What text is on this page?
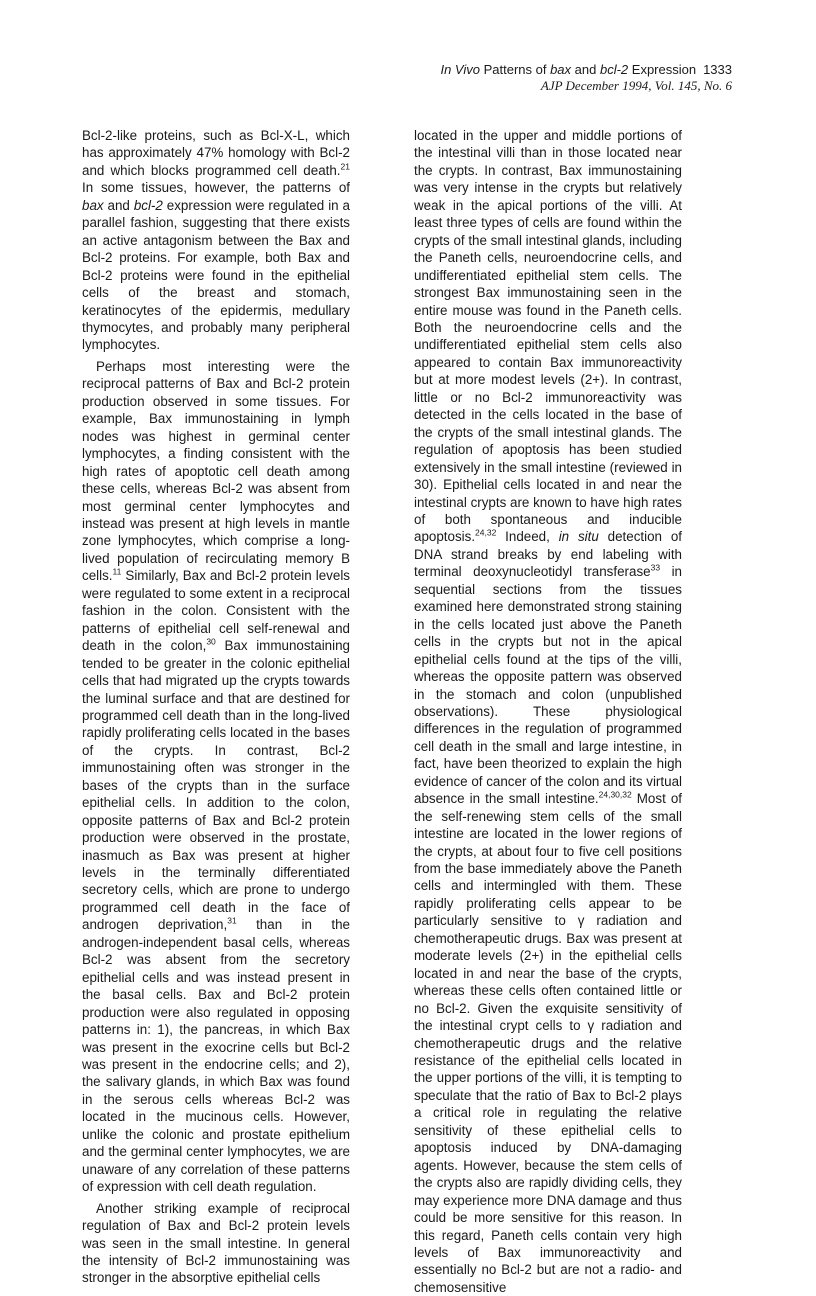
In Vivo Patterns of bax and bcl-2 Expression 1333
AJP December 1994, Vol. 145, No. 6

Bcl-2-like proteins, such as Bcl-X-L, which has approximately 47% homology with Bcl-2 and which blocks programmed cell death.$^{21}$ In some tissues, however, the patterns of bax and bcl-2 expression were regulated in a parallel fashion, suggesting that there exists an active antagonism between the Bax and Bcl-2 proteins. For example, both Bax and Bcl-2 proteins were found in the epithelial cells of the breast and stomach, keratinocytes of the epidermis, medullary thymocytes, and probably many peripheral lymphocytes.

Perhaps most interesting were the reciprocal patterns of Bax and Bcl-2 protein production observed in some tissues. For example, Bax immunostaining in lymph nodes was highest in germinal center lymphocytes, a finding consistent with the high rates of apoptotic cell death among these cells, whereas Bcl-2 was absent from most germinal center lymphocytes and instead was present at high levels in mantle zone lymphocytes, which comprise a long-lived population of recirculating memory B cells.$^{11}$ Similarly, Bax and Bcl-2 protein levels were regulated to some extent in a reciprocal fashion in the colon. Consistent with the patterns of epithelial cell self-renewal and death in the colon,$^{30}$ Bax immunostaining tended to be greater in the colonic epithelial cells that had migrated up the crypts towards the luminal surface and that are destined for programmed cell death than in the long-lived rapidly proliferating cells located in the bases of the crypts. In contrast, Bcl-2 immunostaining often was stronger in the bases of the crypts than in the surface epithelial cells. In addition to the colon, opposite patterns of Bax and Bcl-2 protein production were observed in the prostate, inasmuch as Bax was present at higher levels in the terminally differentiated secretory cells, which are prone to undergo programmed cell death in the face of androgen deprivation,$^{31}$ than in the androgen-independent basal cells, whereas Bcl-2 was absent from the secretory epithelial cells and was instead present in the basal cells. Bax and Bcl-2 protein production were also regulated in opposing patterns in: 1), the pancreas, in which Bax was present in the exocrine cells but Bcl-2 was present in the endocrine cells; and 2), the salivary glands, in which Bax was found in the serous cells whereas Bcl-2 was located in the mucinous cells. However, unlike the colonic and prostate epithelium and the germinal center lymphocytes, we are unaware of any correlation of these patterns of expression with cell death regulation.

Another striking example of reciprocal regulation of Bax and Bcl-2 protein levels was seen in the small intestine. In general the intensity of Bcl-2 immunostaining was stronger in the absorptive epithelial cells

located in the upper and middle portions of the intestinal villi than in those located near the crypts. In contrast, Bax immunostaining was very intense in the crypts but relatively weak in the apical portions of the villi. At least three types of cells are found within the crypts of the small intestinal glands, including the Paneth cells, neuroendocrine cells, and undifferentiated epithelial stem cells. The strongest Bax immunostaining seen in the entire mouse was found in the Paneth cells. Both the neuroendocrine cells and the undifferentiated epithelial stem cells also appeared to contain Bax immunoreactivity but at more modest levels (2+). In contrast, little or no Bcl-2 immunoreactivity was detected in the cells located in the base of the crypts of the small intestinal glands. The regulation of apoptosis has been studied extensively in the small intestine (reviewed in 30). Epithelial cells located in and near the intestinal crypts are known to have high rates of both spontaneous and inducible apoptosis.$^{24,32}$ Indeed, in situ detection of DNA strand breaks by end labeling with terminal deoxynucleotidyl transferase$^{33}$ in sequential sections from the tissues examined here demonstrated strong staining in the cells located just above the Paneth cells in the crypts but not in the apical epithelial cells found at the tips of the villi, whereas the opposite pattern was observed in the stomach and colon (unpublished observations). These physiological differences in the regulation of programmed cell death in the small and large intestine, in fact, have been theorized to explain the high evidence of cancer of the colon and its virtual absence in the small intestine.$^{24,30,32}$ Most of the self-renewing stem cells of the small intestine are located in the lower regions of the crypts, at about four to five cell positions from the base immediately above the Paneth cells and intermingled with them. These rapidly proliferating cells appear to be particularly sensitive to γ radiation and chemotherapeutic drugs. Bax was present at moderate levels (2+) in the epithelial cells located in and near the base of the crypts, whereas these cells often contained little or no Bcl-2. Given the exquisite sensitivity of the intestinal crypt cells to γ radiation and chemotherapeutic drugs and the relative resistance of the epithelial cells located in the upper portions of the villi, it is tempting to speculate that the ratio of Bax to Bcl-2 plays a critical role in regulating the relative sensitivity of these epithelial cells to apoptosis induced by DNA-damaging agents. However, because the stem cells of the crypts also are rapidly dividing cells, they may experience more DNA damage and thus could be more sensitive for this reason. In this regard, Paneth cells contain very high levels of Bax immunoreactivity and essentially no Bcl-2 but are not a radio- and chemosensitive
